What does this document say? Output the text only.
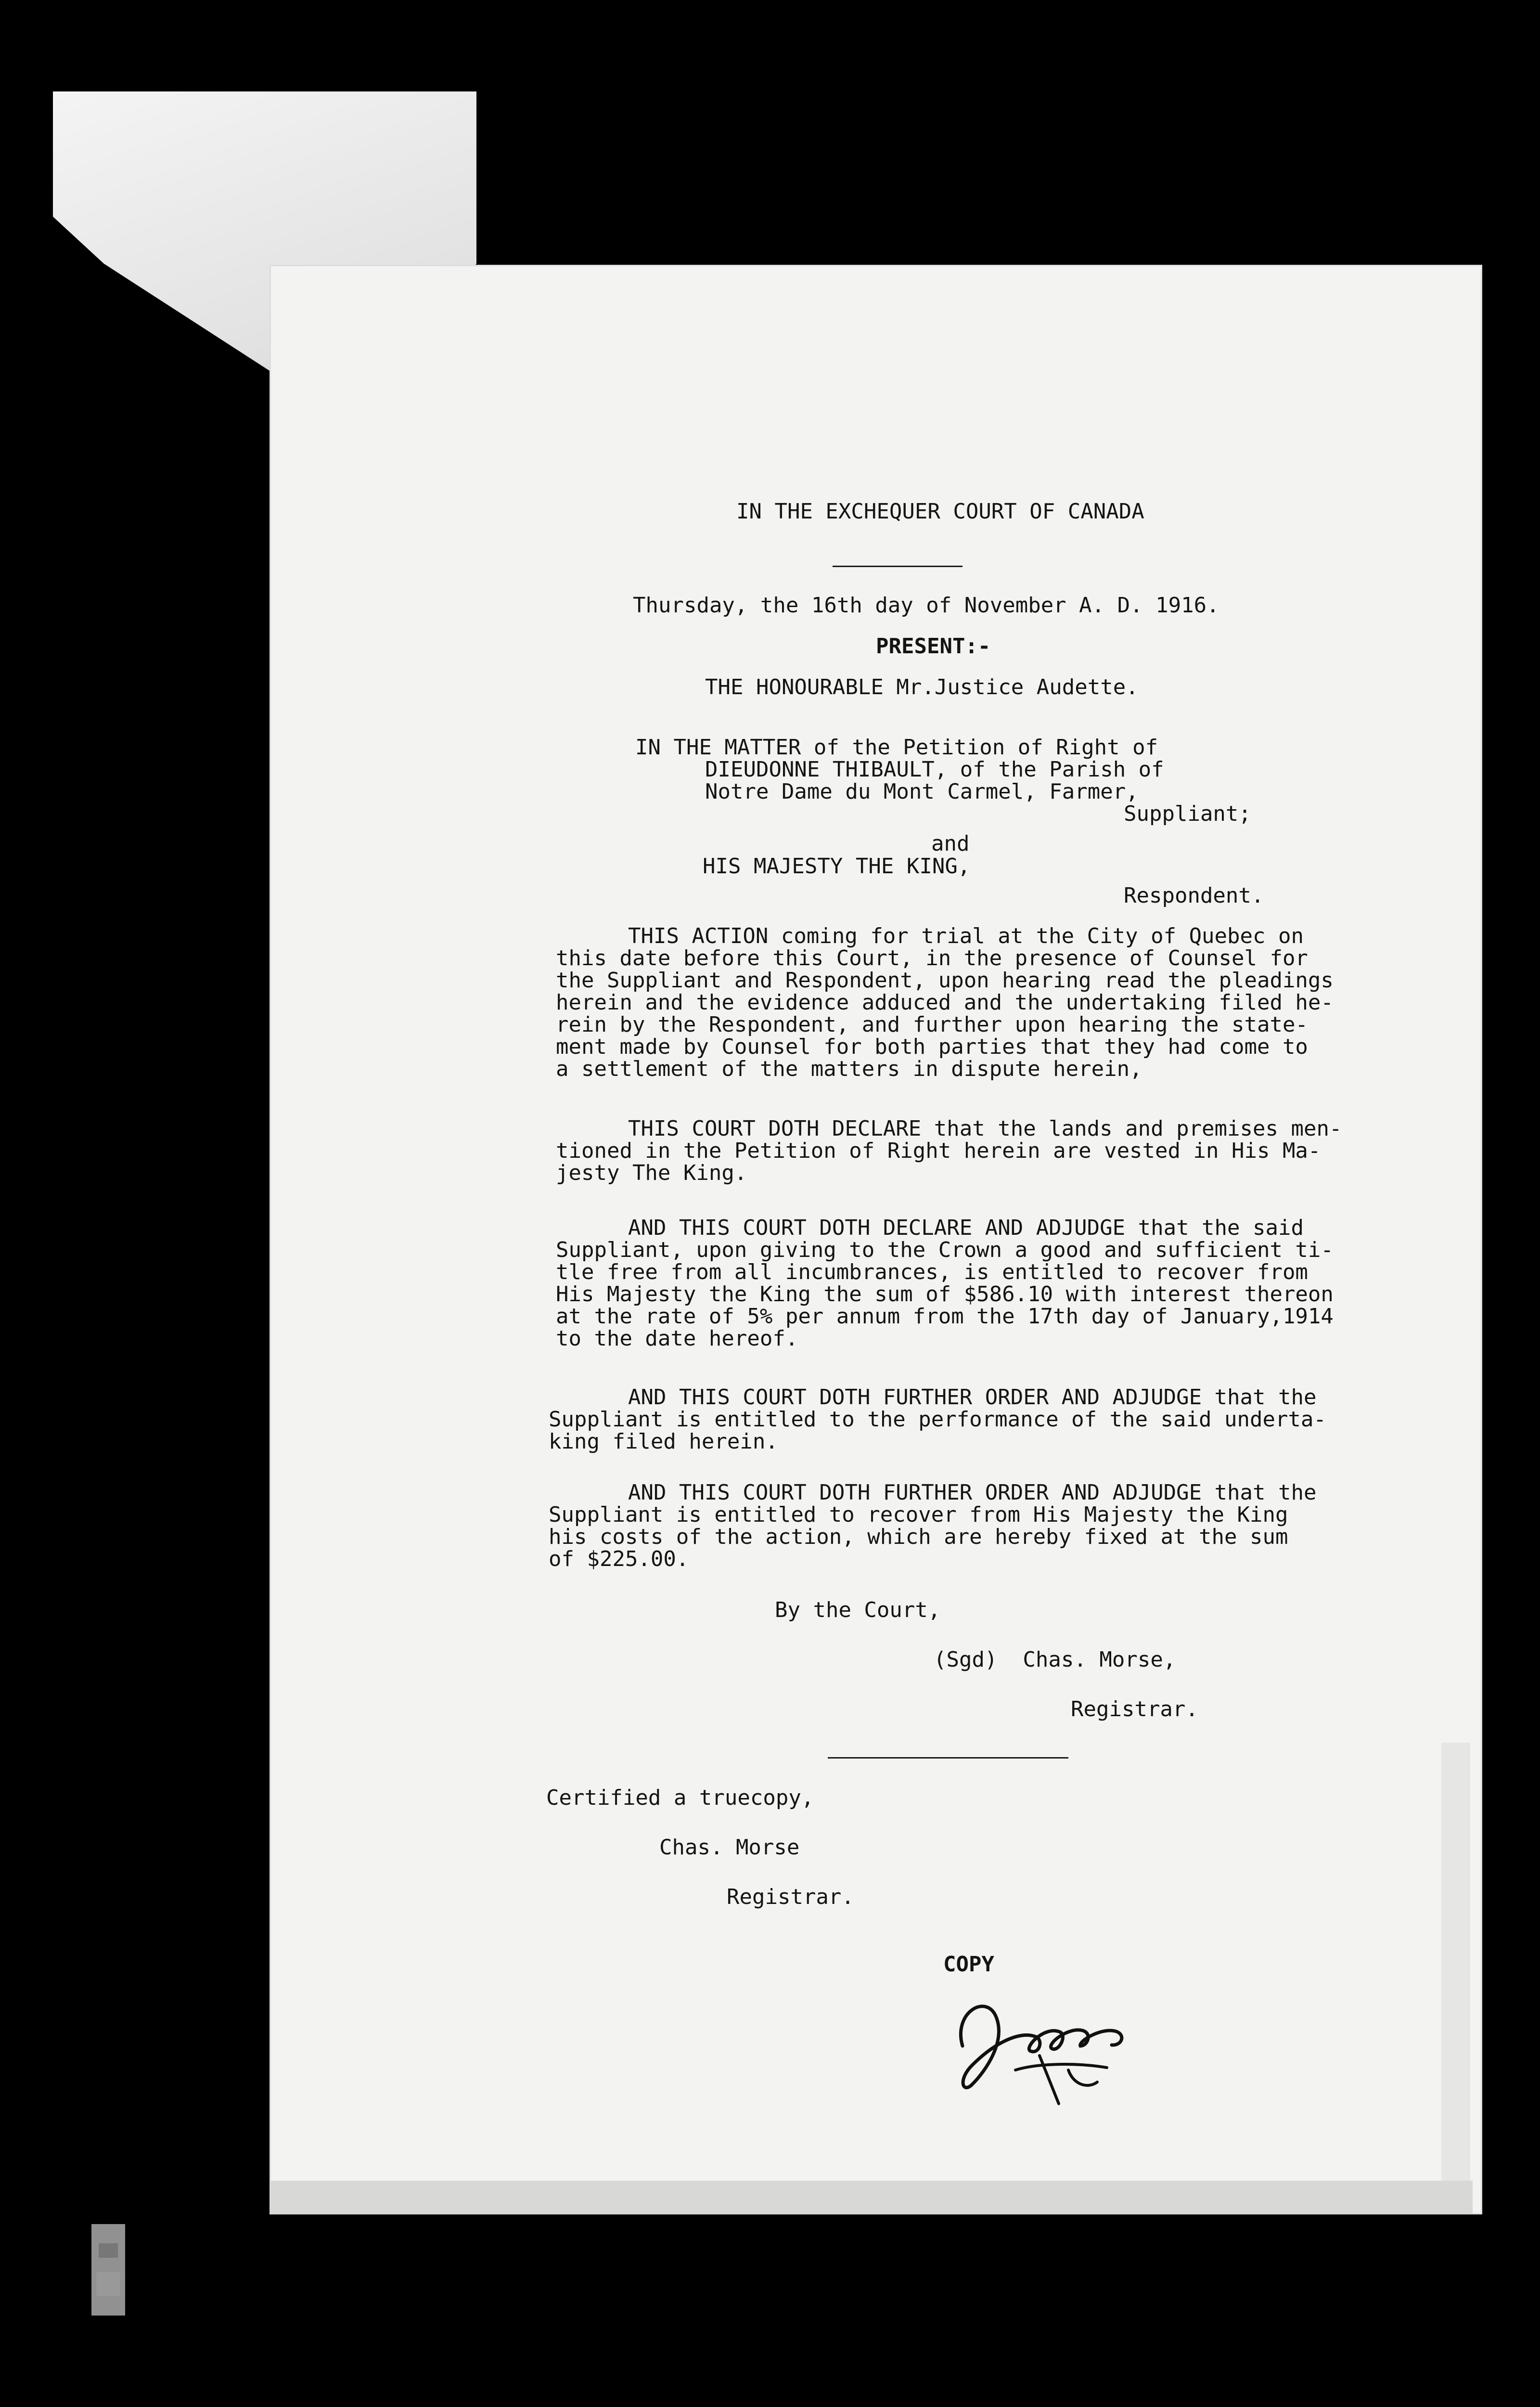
IN THE EXCHEQUER COURT OF CANADA
Thursday, the 16th day of November A. D. 1916.
PRESENT:-
THE HONOURABLE Mr.Justice Audette.
IN THE MATTER of the Petition of Right of
DIEUDONNE THIBAULT, of the Parish of
Notre Dame du Mont Carmel, Farmer,
Suppliant;
and
HIS MAJESTY THE KING,
Respondent.
THIS ACTION coming for trial at the City of Quebec on
this date before this Court, in the presence of Counsel for
the Suppliant and Respondent, upon hearing read the pleadings
herein and the evidence adduced and the undertaking filed he-
rein by the Respondent, and further upon hearing the state-
ment made by Counsel for both parties that they had come to
a settlement of the matters in dispute herein,
THIS COURT DOTH DECLARE that the lands and premises men-
tioned in the Petition of Right herein are vested in His Ma-
jesty The King.
AND THIS COURT DOTH DECLARE AND ADJUDGE that the said
Suppliant, upon giving to the Crown a good and sufficient ti-
tle free from all incumbrances, is entitled to recover from
His Majesty the King the sum of $586.10 with interest thereon
at the rate of 5% per annum from the 17th day of January,1914
to the date hereof.
AND THIS COURT DOTH FURTHER ORDER AND ADJUDGE that the
Suppliant is entitled to the performance of the said underta-
king filed herein.
AND THIS COURT DOTH FURTHER ORDER AND ADJUDGE that the
Suppliant is entitled to recover from His Majesty the King
his costs of the action, which are hereby fixed at the sum
of $225.00.
By the Court,
(Sgd)  Chas. Morse,
Registrar.
Certified a truecopy,
Chas. Morse
Registrar.
COPY
